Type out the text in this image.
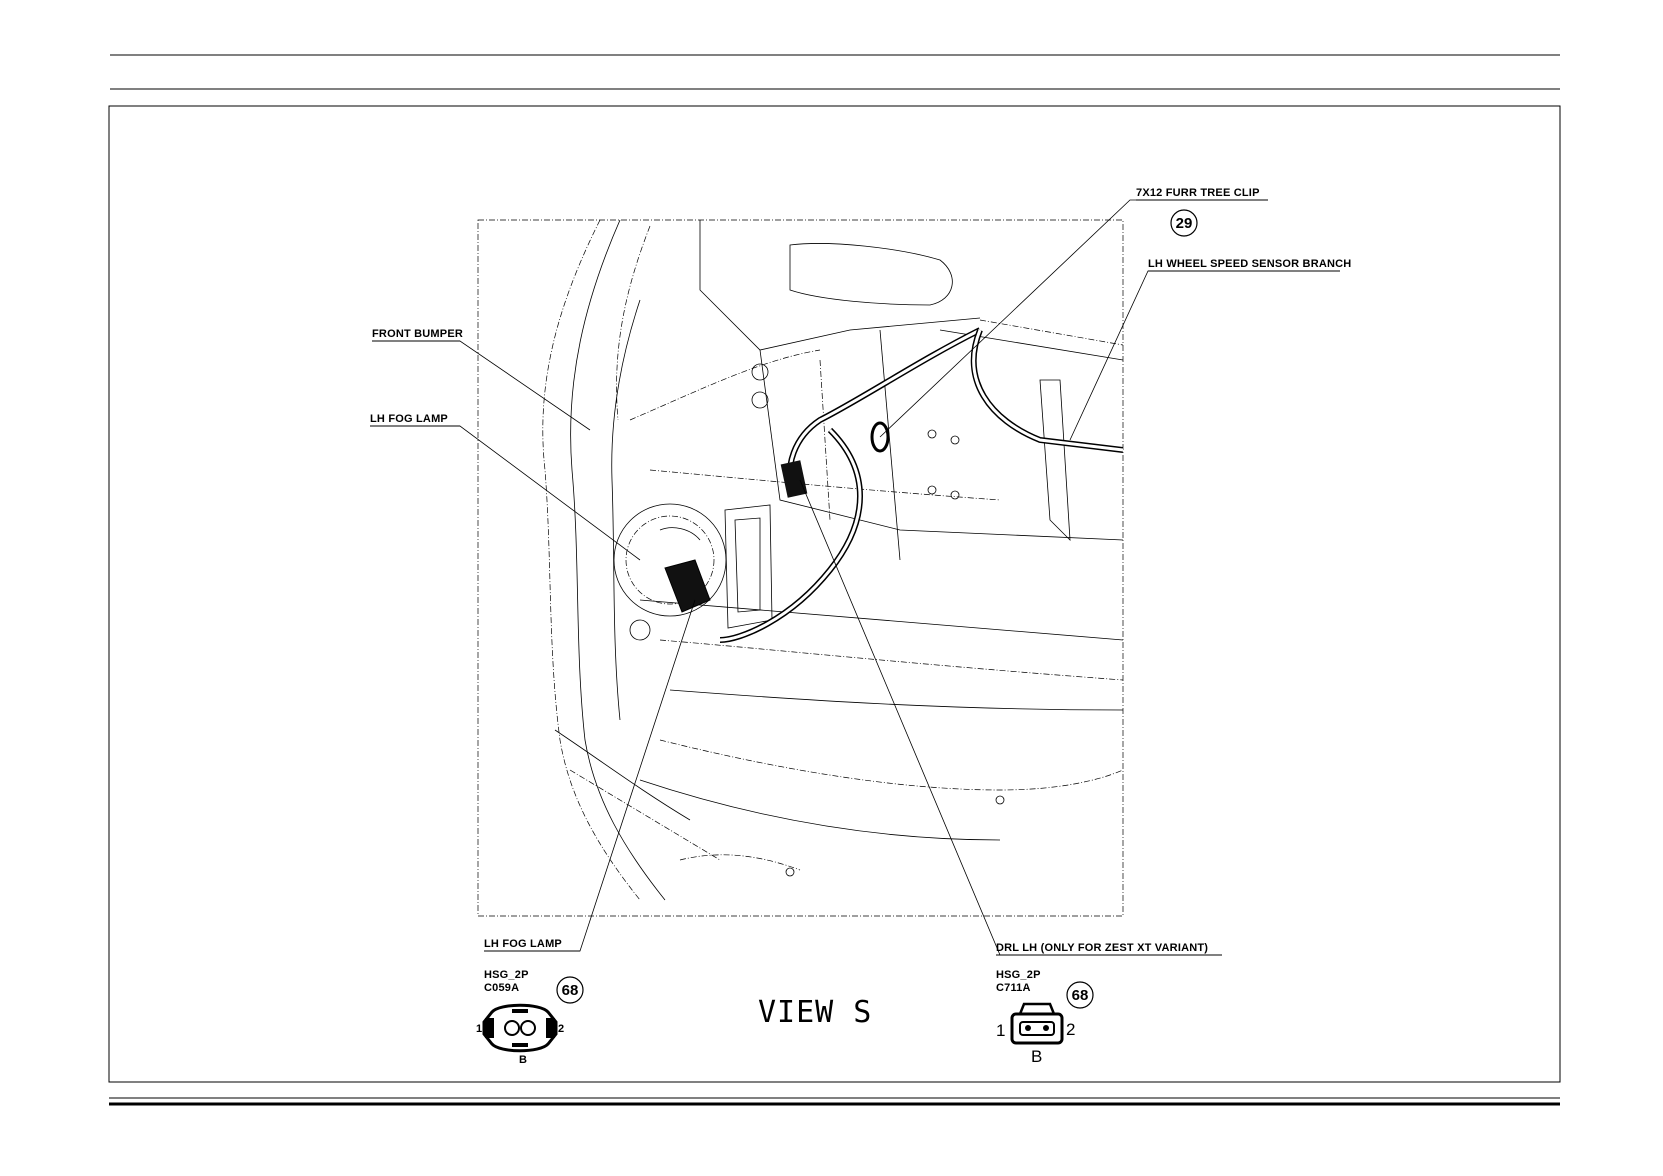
7X12 FURR TREE CLIP
29
LH WHEEL SPEED SENSOR BRANCH
FRONT BUMPER
LH FOG LAMP
LH FOG LAMP	DRL LH (ONLY FOR ZEST XT VARIANT)
HSG_2P
C059A	68
1	2
B
VIEW S
HSG_2P
C711A	68
1	2
B
